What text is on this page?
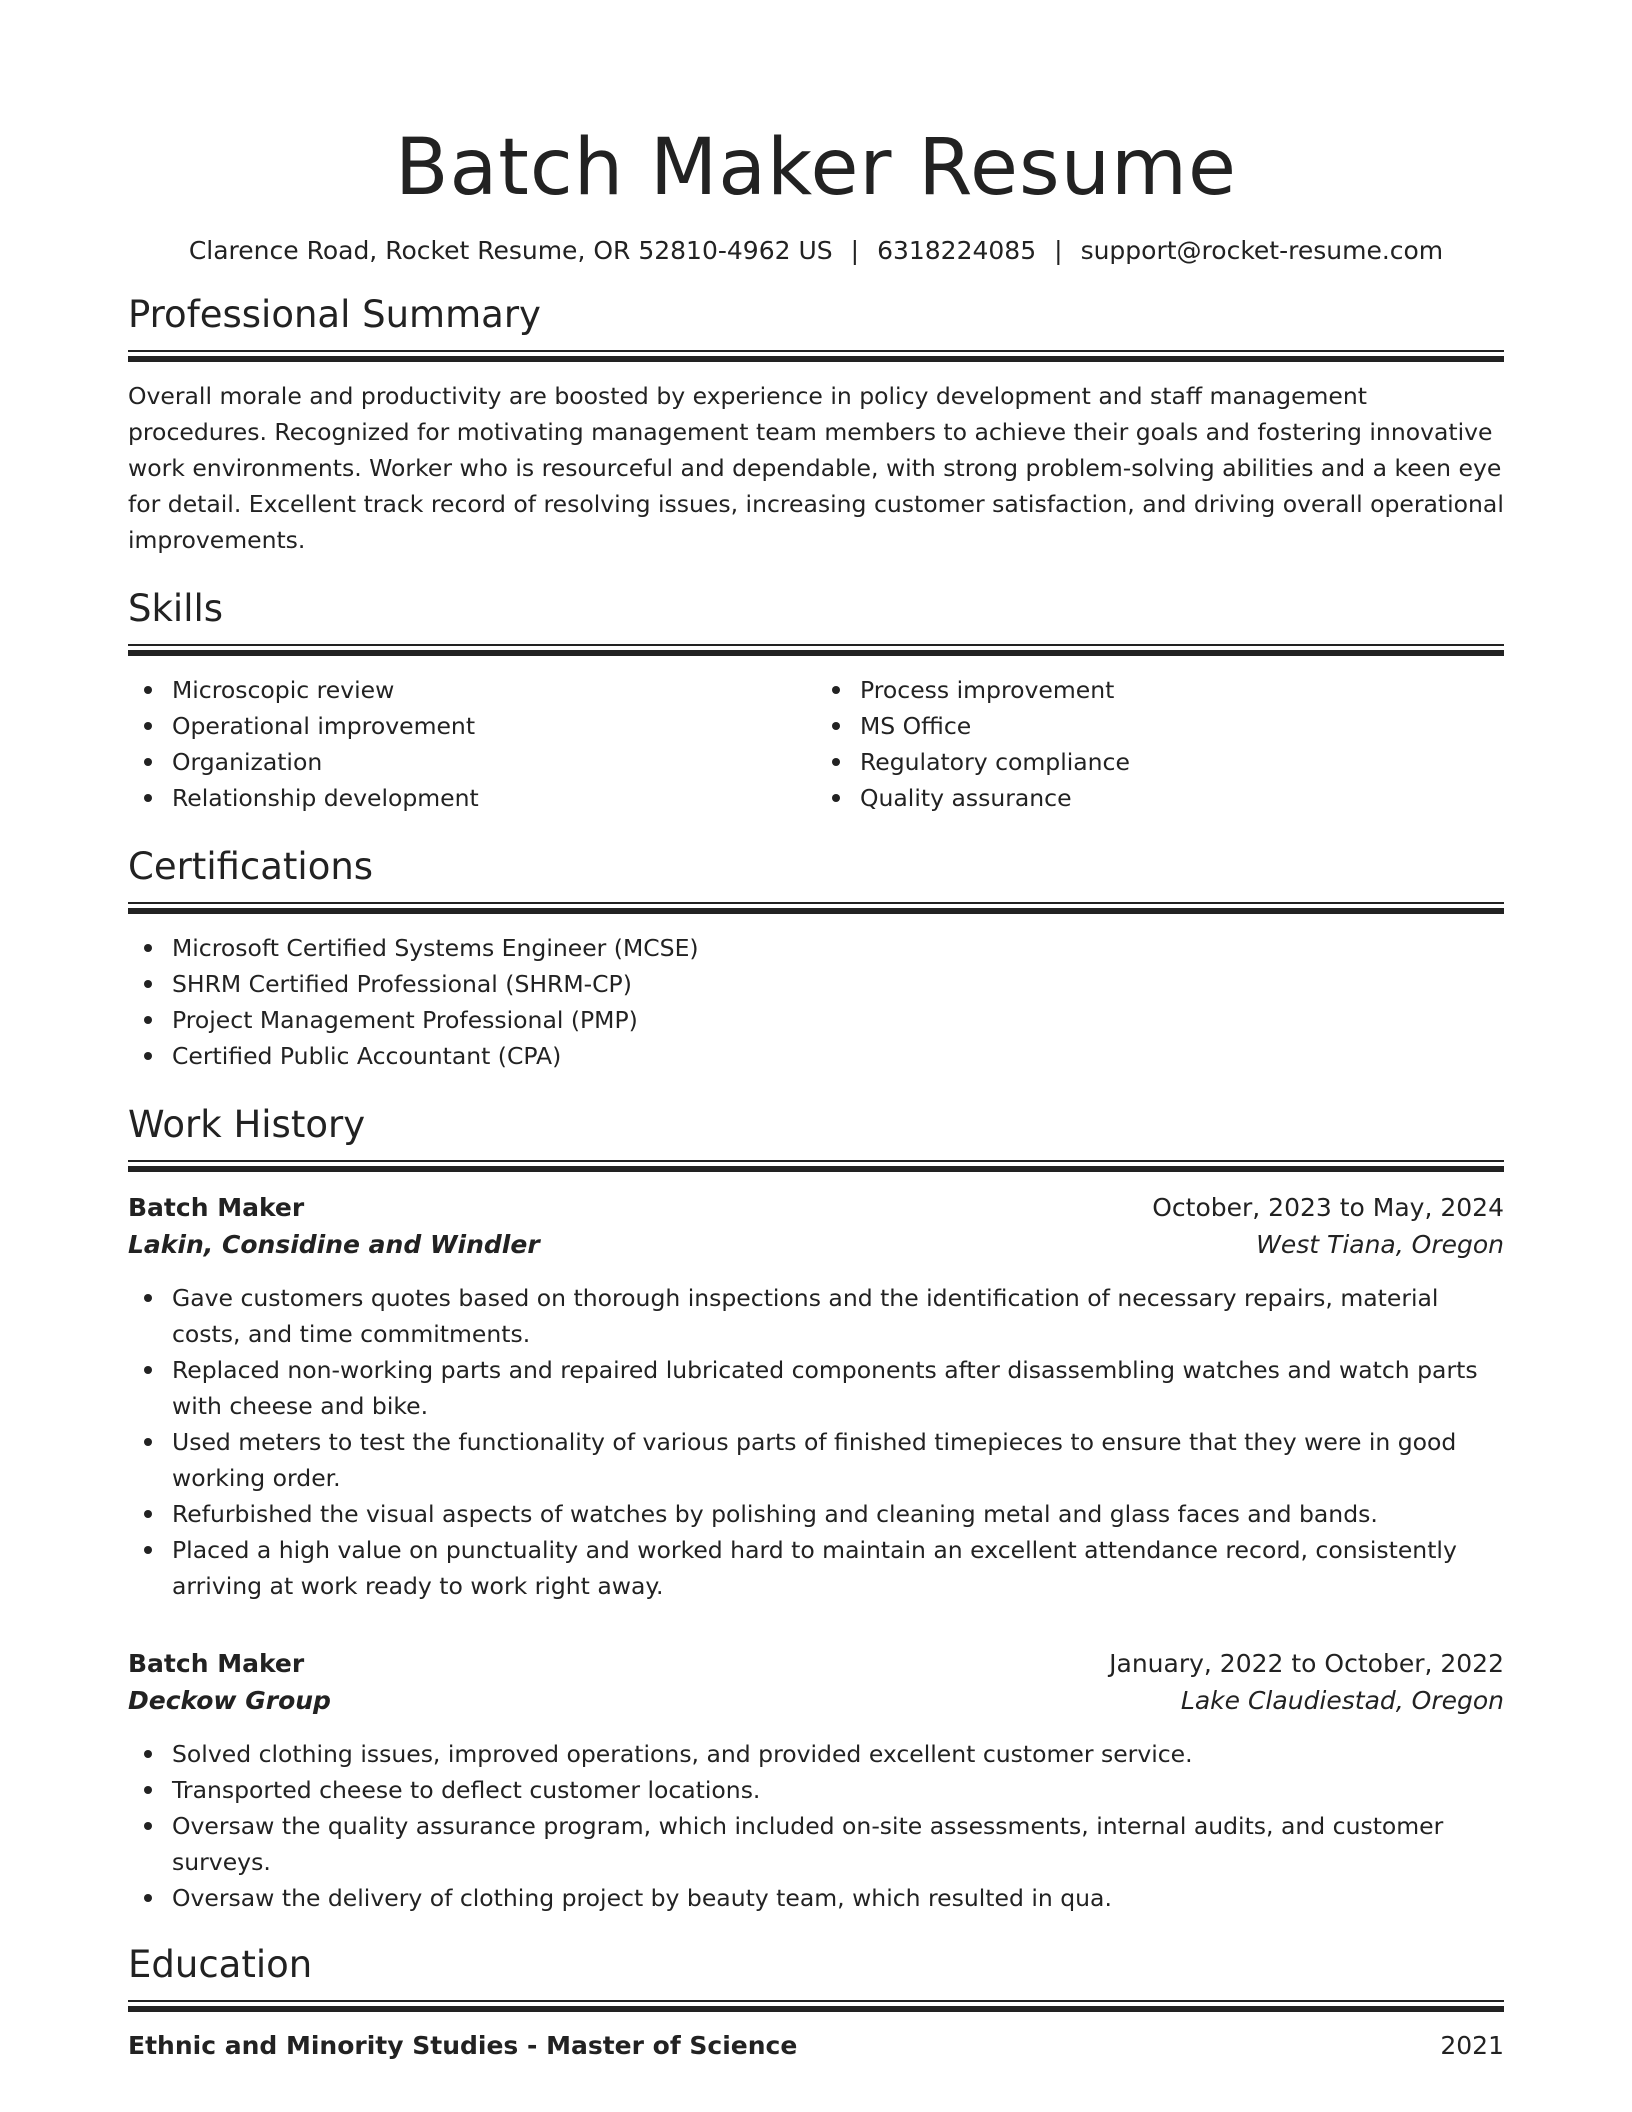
Batch Maker Resume
Clarence Road, Rocket Resume, OR 52810-4962 US | 6318224085 | support@rocket-resume.com
Professional Summary

Overall morale and productivity are boosted by experience in policy development and staff management procedures. Recognized for motivating management team members to achieve their goals and fostering innovative work environments. Worker who is resourceful and dependable, with strong problem-solving abilities and a keen eye for detail. Excellent track record of resolving issues, increasing customer satisfaction, and driving overall operational improvements.

Skills
Microscopic review
Operational improvement
Organization
Relationship development
Process improvement
MS Office
Regulatory compliance
Quality assurance
Certifications
Microsoft Certified Systems Engineer (MCSE)
SHRM Certified Professional (SHRM-CP)
Project Management Professional (PMP)
Certified Public Accountant (CPA)
Work History
Batch Maker	October, 2023 to May, 2024
Lakin, Considine and Windler	West Tiana, Oregon
Gave customers quotes based on thorough inspections and the identification of necessary repairs, material costs, and time commitments.
Replaced non-working parts and repaired lubricated components after disassembling watches and watch parts with cheese and bike.
Used meters to test the functionality of various parts of finished timepieces to ensure that they were in good working order.
Refurbished the visual aspects of watches by polishing and cleaning metal and glass faces and bands.
Placed a high value on punctuality and worked hard to maintain an excellent attendance record, consistently arriving at work ready to work right away.
Batch Maker	January, 2022 to October, 2022
Deckow Group	Lake Claudiestad, Oregon
Solved clothing issues, improved operations, and provided excellent customer service.
Transported cheese to deflect customer locations.
Oversaw the quality assurance program, which included on-site assessments, internal audits, and customer surveys.
Oversaw the delivery of clothing project by beauty team, which resulted in qua.
Education
Ethnic and Minority Studies - Master of Science	2021
